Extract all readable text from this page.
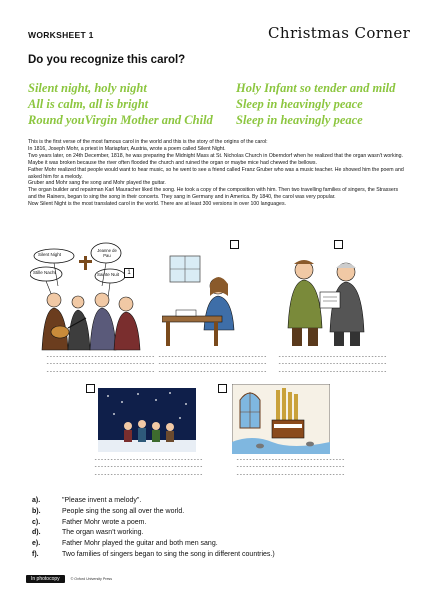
WORKSHEET 1	Christmas Corner
Do you recognize this carol?
Silent night, holy night
All is calm, all is bright
Round youVirgin Mother and Child
Holy Infant so tender and mild
Sleep in heavingly peace
Sleep in heavingly peace

This is the first verse of the most famous carol in the world and this is the story of the origins of the carol:

In 1816, Joseph Mohr, a priest in Mariapfarr, Austria, wrote a poem called Silent Night.

Two years later, on 24th December, 1818, he was preparing the Midnight Mass at St. Nicholas Church in Oberndorf when he realized that the organ wasn't working. Maybe it was broken because the river often flooded the church and ruined the organ or maybe mice had chewed the bellows.

Father Mohr realized that people would want to hear music, so he went to see a friend called Franz Gruber who was a music teacher. He showed him the poem and asked him for a melody.

Gruber and Mohr sang the song and Mohr played the guitar.

The organ builder and repairman Karl Mauracher liked the song. He took a copy of the composition with him. Then two travelling families of singers, the Strassers and the Rainers, began to sing the song in their concerts. They sang in Germany and in America. By 1840, the carol was very popular.

Now Silent Night is the most translated carol in the world. There are at least 300 versions in over 100 languages.

Silent Night
Jeanne de Pau
Stille Nacht	Sainte Nuit	1
----------------------------------
----------------------------------
----------------------------------
----------------------------------
----------------------------------
----------------------------------
----------------------------------
----------------------------------
----------------------------------
----------------------------------
----------------------------------
----------------------------------
----------------------------------
----------------------------------
----------------------------------
a).	"Please invent a melody".
b).	People sing the song all over the world.
c).	Father Mohr wrote a poem.
d).	The organ wasn't working.
e).	Father Mohr played the guitar and both men sang.
f).	Two families of singers began to sing the song in different countries.)
In photocopy	© Oxford University Press
